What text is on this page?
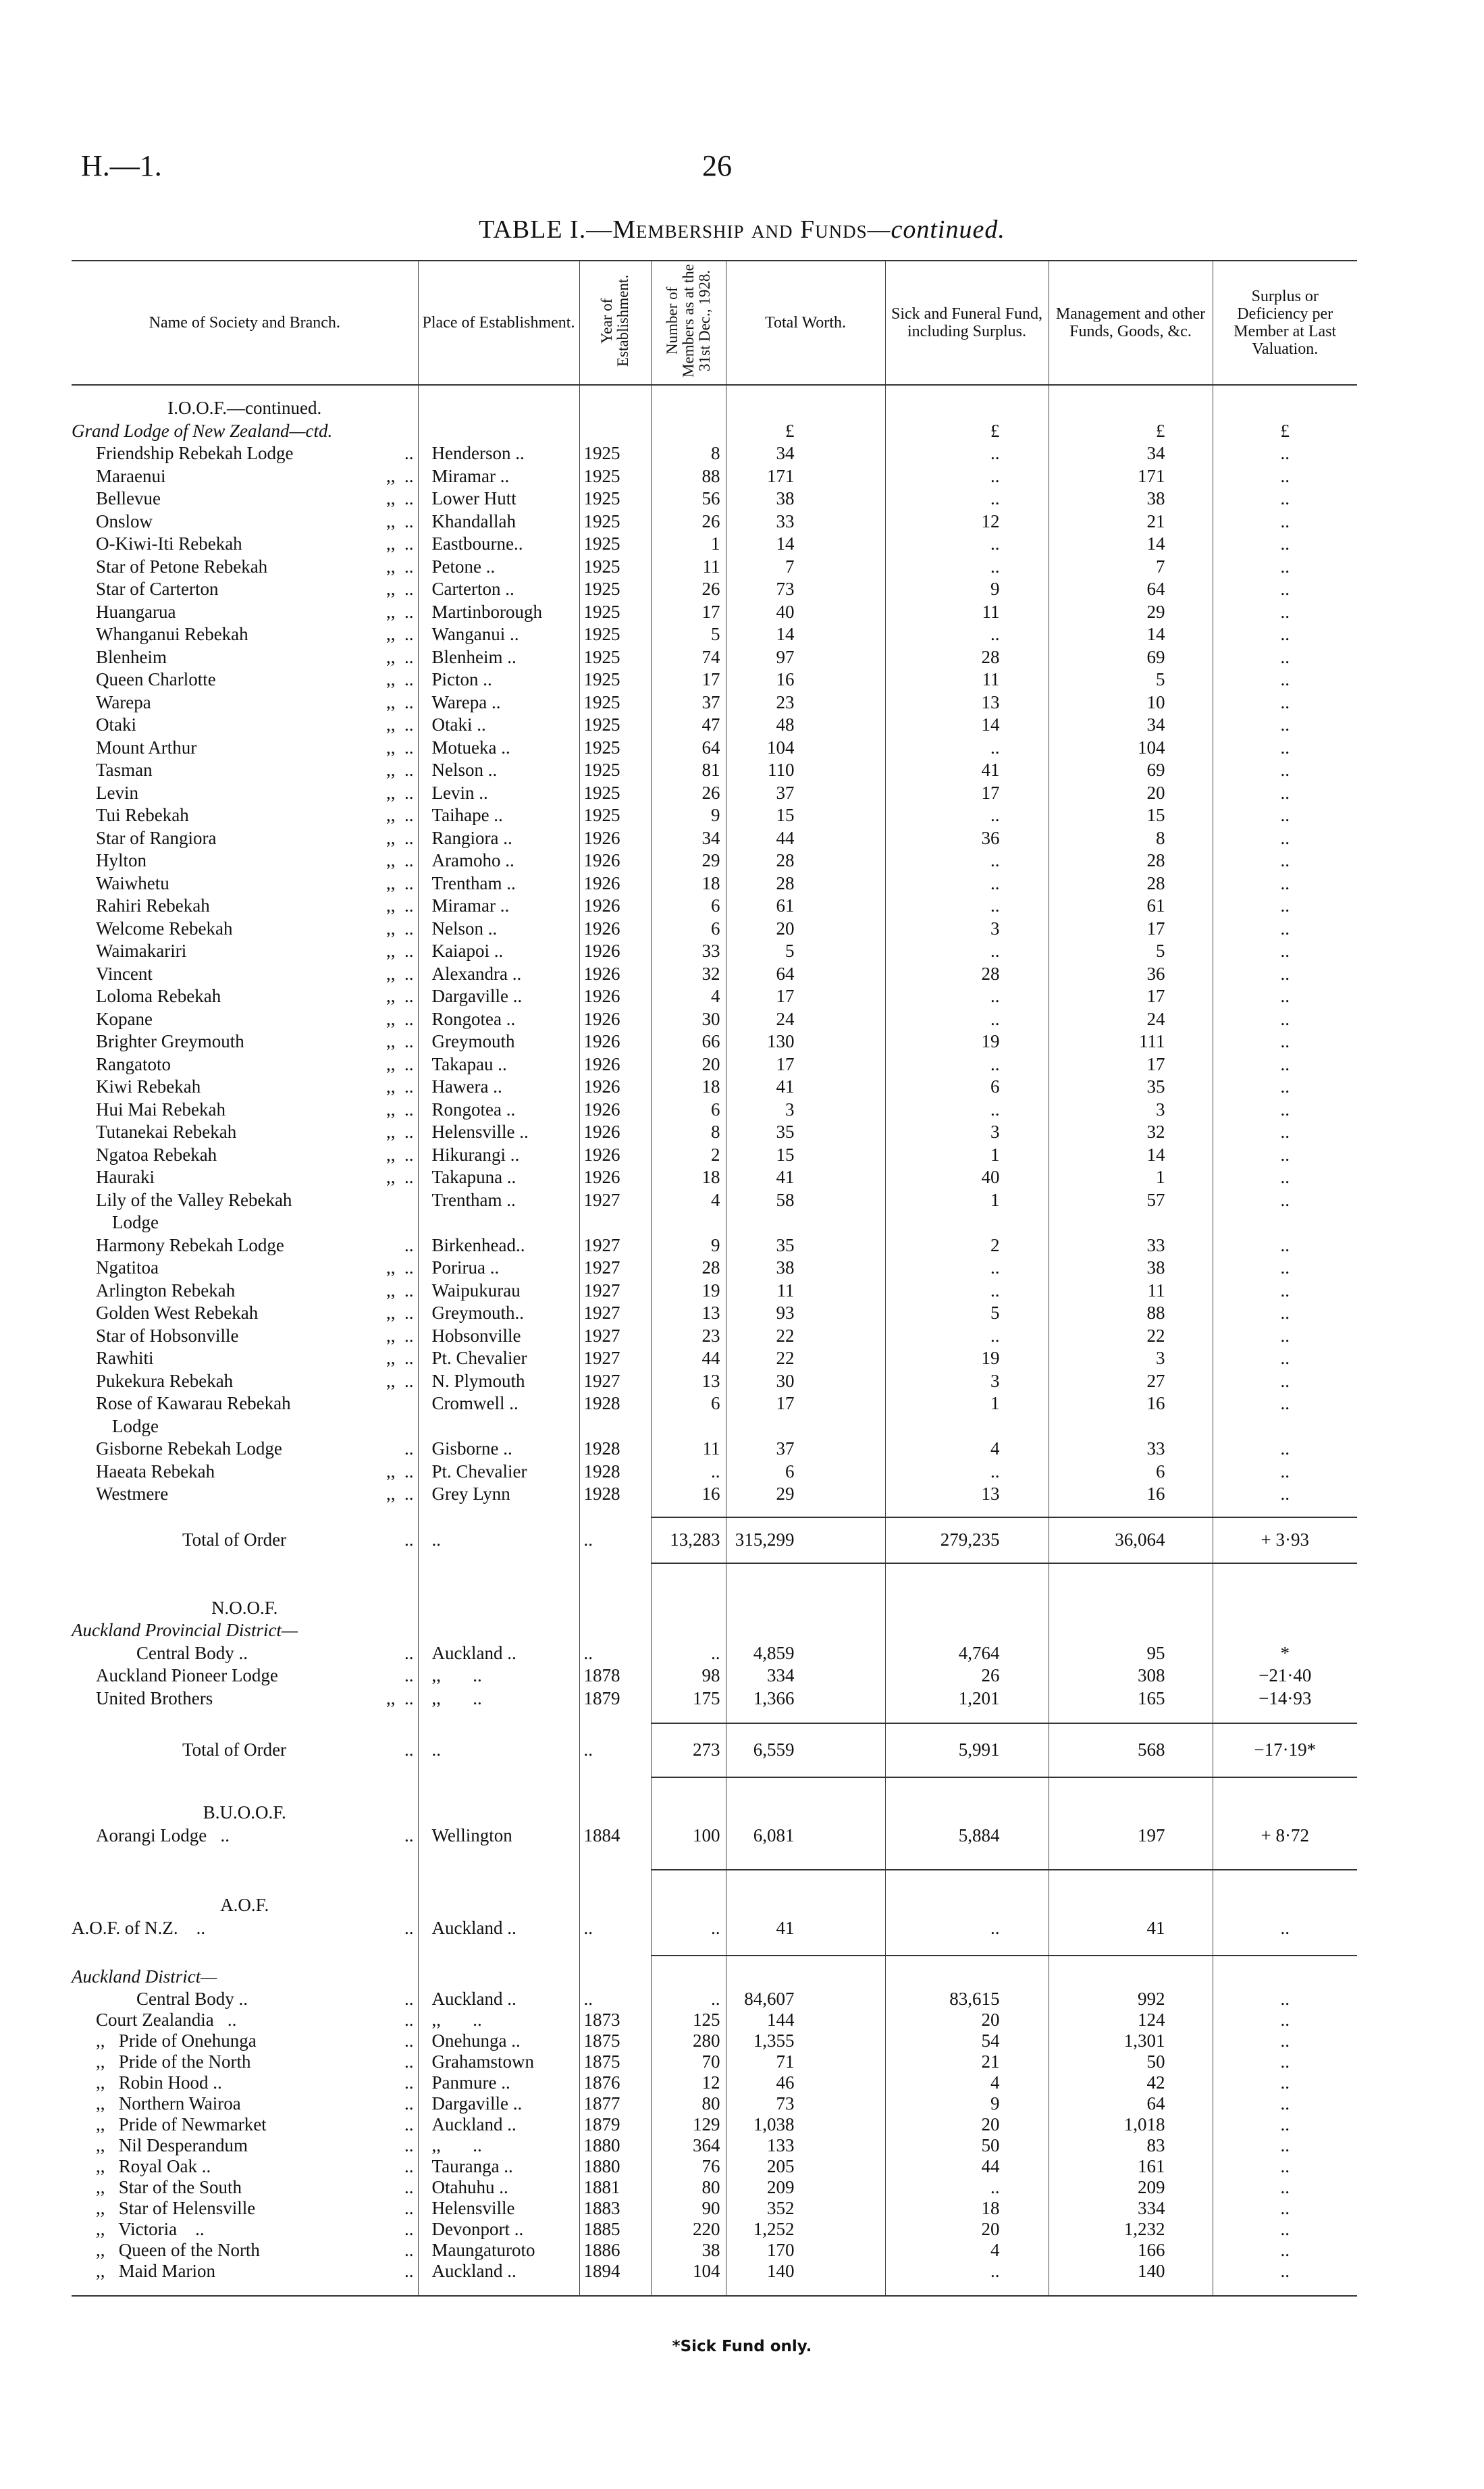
H.—1.	26
TABLE I.—Membership and Funds—continued.
Name of Society and Branch.	Place of Establishment.	Year of Establishment.	Number of Members as at the 31st Dec., 1928.	Total Worth.	Sick and Funeral Fund, including Surplus.	Management and other Funds, Goods, &c.	Surplus or Deficiency per Member at Last Valuation.

I.O.O.F.—continued.							
Grand Lodge of New Zealand—ctd.				£	£	£	£

Friendship Rebekah Lodge ..	Henderson ..	1925	8	34	..	34	..

Maraenui ,,  ..	Miramar ..	1925	88	171	..	171	..

Bellevue ,,  ..	Lower Hutt	1925	56	38	..	38	..

Onslow ,,  ..	Khandallah	1925	26	33	12	21	..

O-Kiwi-Iti Rebekah ,,  ..	Eastbourne..	1925	1	14	..	14	..

Star of Petone Rebekah ,,  ..	Petone ..	1925	11	7	..	7	..

Star of Carterton ,,  ..	Carterton ..	1925	26	73	9	64	..

Huangarua ,,  ..	Martinborough	1925	17	40	11	29	..

Whanganui Rebekah ,,  ..	Wanganui ..	1925	5	14	..	14	..

Blenheim ,,  ..	Blenheim ..	1925	74	97	28	69	..

Queen Charlotte ,,  ..	Picton ..	1925	17	16	11	5	..

Warepa ,,  ..	Warepa ..	1925	37	23	13	10	..

Otaki ,,  ..	Otaki ..	1925	47	48	14	34	..

Mount Arthur ,,  ..	Motueka ..	1925	64	104	..	104	..

Tasman ,,  ..	Nelson ..	1925	81	110	41	69	..

Levin ,,  ..	Levin ..	1925	26	37	17	20	..

Tui Rebekah ,,  ..	Taihape ..	1925	9	15	..	15	..

Star of Rangiora ,,  ..	Rangiora ..	1926	34	44	36	8	..

Hylton ,,  ..	Aramoho ..	1926	29	28	..	28	..

Waiwhetu ,,  ..	Trentham ..	1926	18	28	..	28	..

Rahiri Rebekah ,,  ..	Miramar ..	1926	6	61	..	61	..

Welcome Rebekah ,,  ..	Nelson ..	1926	6	20	3	17	..

Waimakariri ,,  ..	Kaiapoi ..	1926	33	5	..	5	..

Vincent ,,  ..	Alexandra ..	1926	32	64	28	36	..

Loloma Rebekah ,,  ..	Dargaville ..	1926	4	17	..	17	..

Kopane ,,  ..	Rongotea ..	1926	30	24	..	24	..

Brighter Greymouth ,,  ..	Greymouth	1926	66	130	19	111	..

Rangatoto ,,  ..	Takapau ..	1926	20	17	..	17	..

Kiwi Rebekah ,,  ..	Hawera ..	1926	18	41	6	35	..

Hui Mai Rebekah ,,  ..	Rongotea ..	1926	6	3	..	3	..

Tutanekai Rebekah ,,  ..	Helensville ..	1926	8	35	3	32	..

Ngatoa Rebekah ,,  ..	Hikurangi ..	1926	2	15	1	14	..

Hauraki ,,  ..	Takapuna ..	1926	18	41	40	1	..

Lily of the Valley Rebekah	Trentham ..	1927	4	58	1	57	..

Lodge							

Harmony Rebekah Lodge ..	Birkenhead..	1927	9	35	2	33	..

Ngatitoa ,,  ..	Porirua ..	1927	28	38	..	38	..

Arlington Rebekah ,,  ..	Waipukurau	1927	19	11	..	11	..

Golden West Rebekah ,,  ..	Greymouth..	1927	13	93	5	88	..

Star of Hobsonville ,,  ..	Hobsonville	1927	23	22	..	22	..

Rawhiti ,,  ..	Pt. Chevalier	1927	44	22	19	3	..

Pukekura Rebekah ,,  ..	N. Plymouth	1927	13	30	3	27	..

Rose of Kawarau Rebekah	Cromwell ..	1928	6	17	1	16	..

Lodge							

Gisborne Rebekah Lodge ..	Gisborne ..	1928	11	37	4	33	..

Haeata Rebekah ,,  ..	Pt. Chevalier	1928	..	6	..	6	..

Westmere ,,  ..	Grey Lynn	1928	16	29	13	16	..

Total of Order ..	..	..	13,283	315,299	279,235	36,064	+ 3·93

N.O.O.F.							
Auckland Provincial District—							

Central Body .. ..	Auckland ..	..	..	4,859	4,764	95	*

Auckland Pioneer Lodge ..	,,       ..	1878	98	334	26	308	−21·40

United Brothers ,,  ..	,,       ..	1879	175	1,366	1,201	165	−14·93

Total of Order ..	..	..	273	6,559	5,991	568	−17·19*

B.U.O.O.F.							

Aorangi Lodge   .. ..	Wellington	1884	100	6,081	5,884	197	+ 8·72

A.O.F.							

A.O.F. of N.Z.    .. ..	Auckland ..	..	..	41	..	41	..

Auckland District—							

Central Body .. ..	Auckland ..	..	..	84,607	83,615	992	..

Court Zealandia   .. ..	,,       ..	1873	125	144	20	124	..

,,   Pride of Onehunga ..	Onehunga ..	1875	280	1,355	54	1,301	..

,,   Pride of the North ..	Grahamstown	1875	70	71	21	50	..

,,   Robin Hood .. ..	Panmure ..	1876	12	46	4	42	..

,,   Northern Wairoa ..	Dargaville ..	1877	80	73	9	64	..

,,   Pride of Newmarket ..	Auckland ..	1879	129	1,038	20	1,018	..

,,   Nil Desperandum ..	,,       ..	1880	364	133	50	83	..

,,   Royal Oak .. ..	Tauranga ..	1880	76	205	44	161	..

,,   Star of the South ..	Otahuhu ..	1881	80	209	..	209	..

,,   Star of Helensville ..	Helensville	1883	90	352	18	334	..

,,   Victoria    .. ..	Devonport ..	1885	220	1,252	20	1,232	..

,,   Queen of the North ..	Maungaturoto	1886	38	170	4	166	..

,,   Maid Marion ..	Auckland ..	1894	104	140	..	140	..

*Sick Fund only.
